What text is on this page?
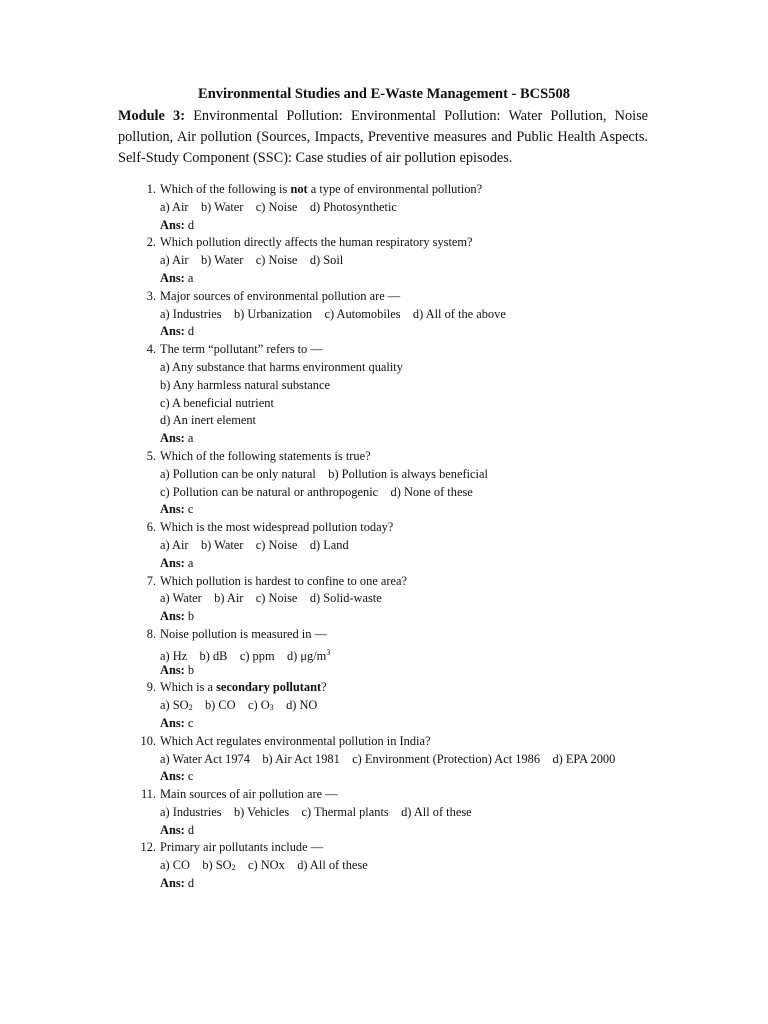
Environmental Studies and E-Waste Management - BCS508
Module 3: Environmental Pollution: Environmental Pollution: Water Pollution, Noise pollution, Air pollution (Sources, Impacts, Preventive measures and Public Health Aspects. Self-Study Component (SSC): Case studies of air pollution episodes.
1. Which of the following is not a type of environmental pollution?
a) Air    b) Water    c) Noise    d) Photosynthetic
Ans: d
2. Which pollution directly affects the human respiratory system?
a) Air    b) Water    c) Noise    d) Soil
Ans: a
3. Major sources of environmental pollution are —
a) Industries    b) Urbanization    c) Automobiles    d) All of the above
Ans: d
4. The term “pollutant” refers to —
a) Any substance that harms environment quality
b) Any harmless natural substance
c) A beneficial nutrient
d) An inert element
Ans: a
5. Which of the following statements is true?
a) Pollution can be only natural    b) Pollution is always beneficial
c) Pollution can be natural or anthropogenic    d) None of these
Ans: c
6. Which is the most widespread pollution today?
a) Air    b) Water    c) Noise    d) Land
Ans: a
7. Which pollution is hardest to confine to one area?
a) Water    b) Air    c) Noise    d) Solid-waste
Ans: b
8. Noise pollution is measured in —
a) Hz    b) dB    c) ppm    d) $\mu g/m^3$
Ans: b
9. Which is a secondary pollutant?
a) SO2    b) CO    c) O3    d) NO
Ans: c
10. Which Act regulates environmental pollution in India?
a) Water Act 1974    b) Air Act 1981    c) Environment (Protection) Act 1986    d) EPA 2000
Ans: c
11. Main sources of air pollution are —
a) Industries    b) Vehicles    c) Thermal plants    d) All of these
Ans: d
12. Primary air pollutants include —
a) CO    b) SO2    c) NOx    d) All of these
Ans: d
